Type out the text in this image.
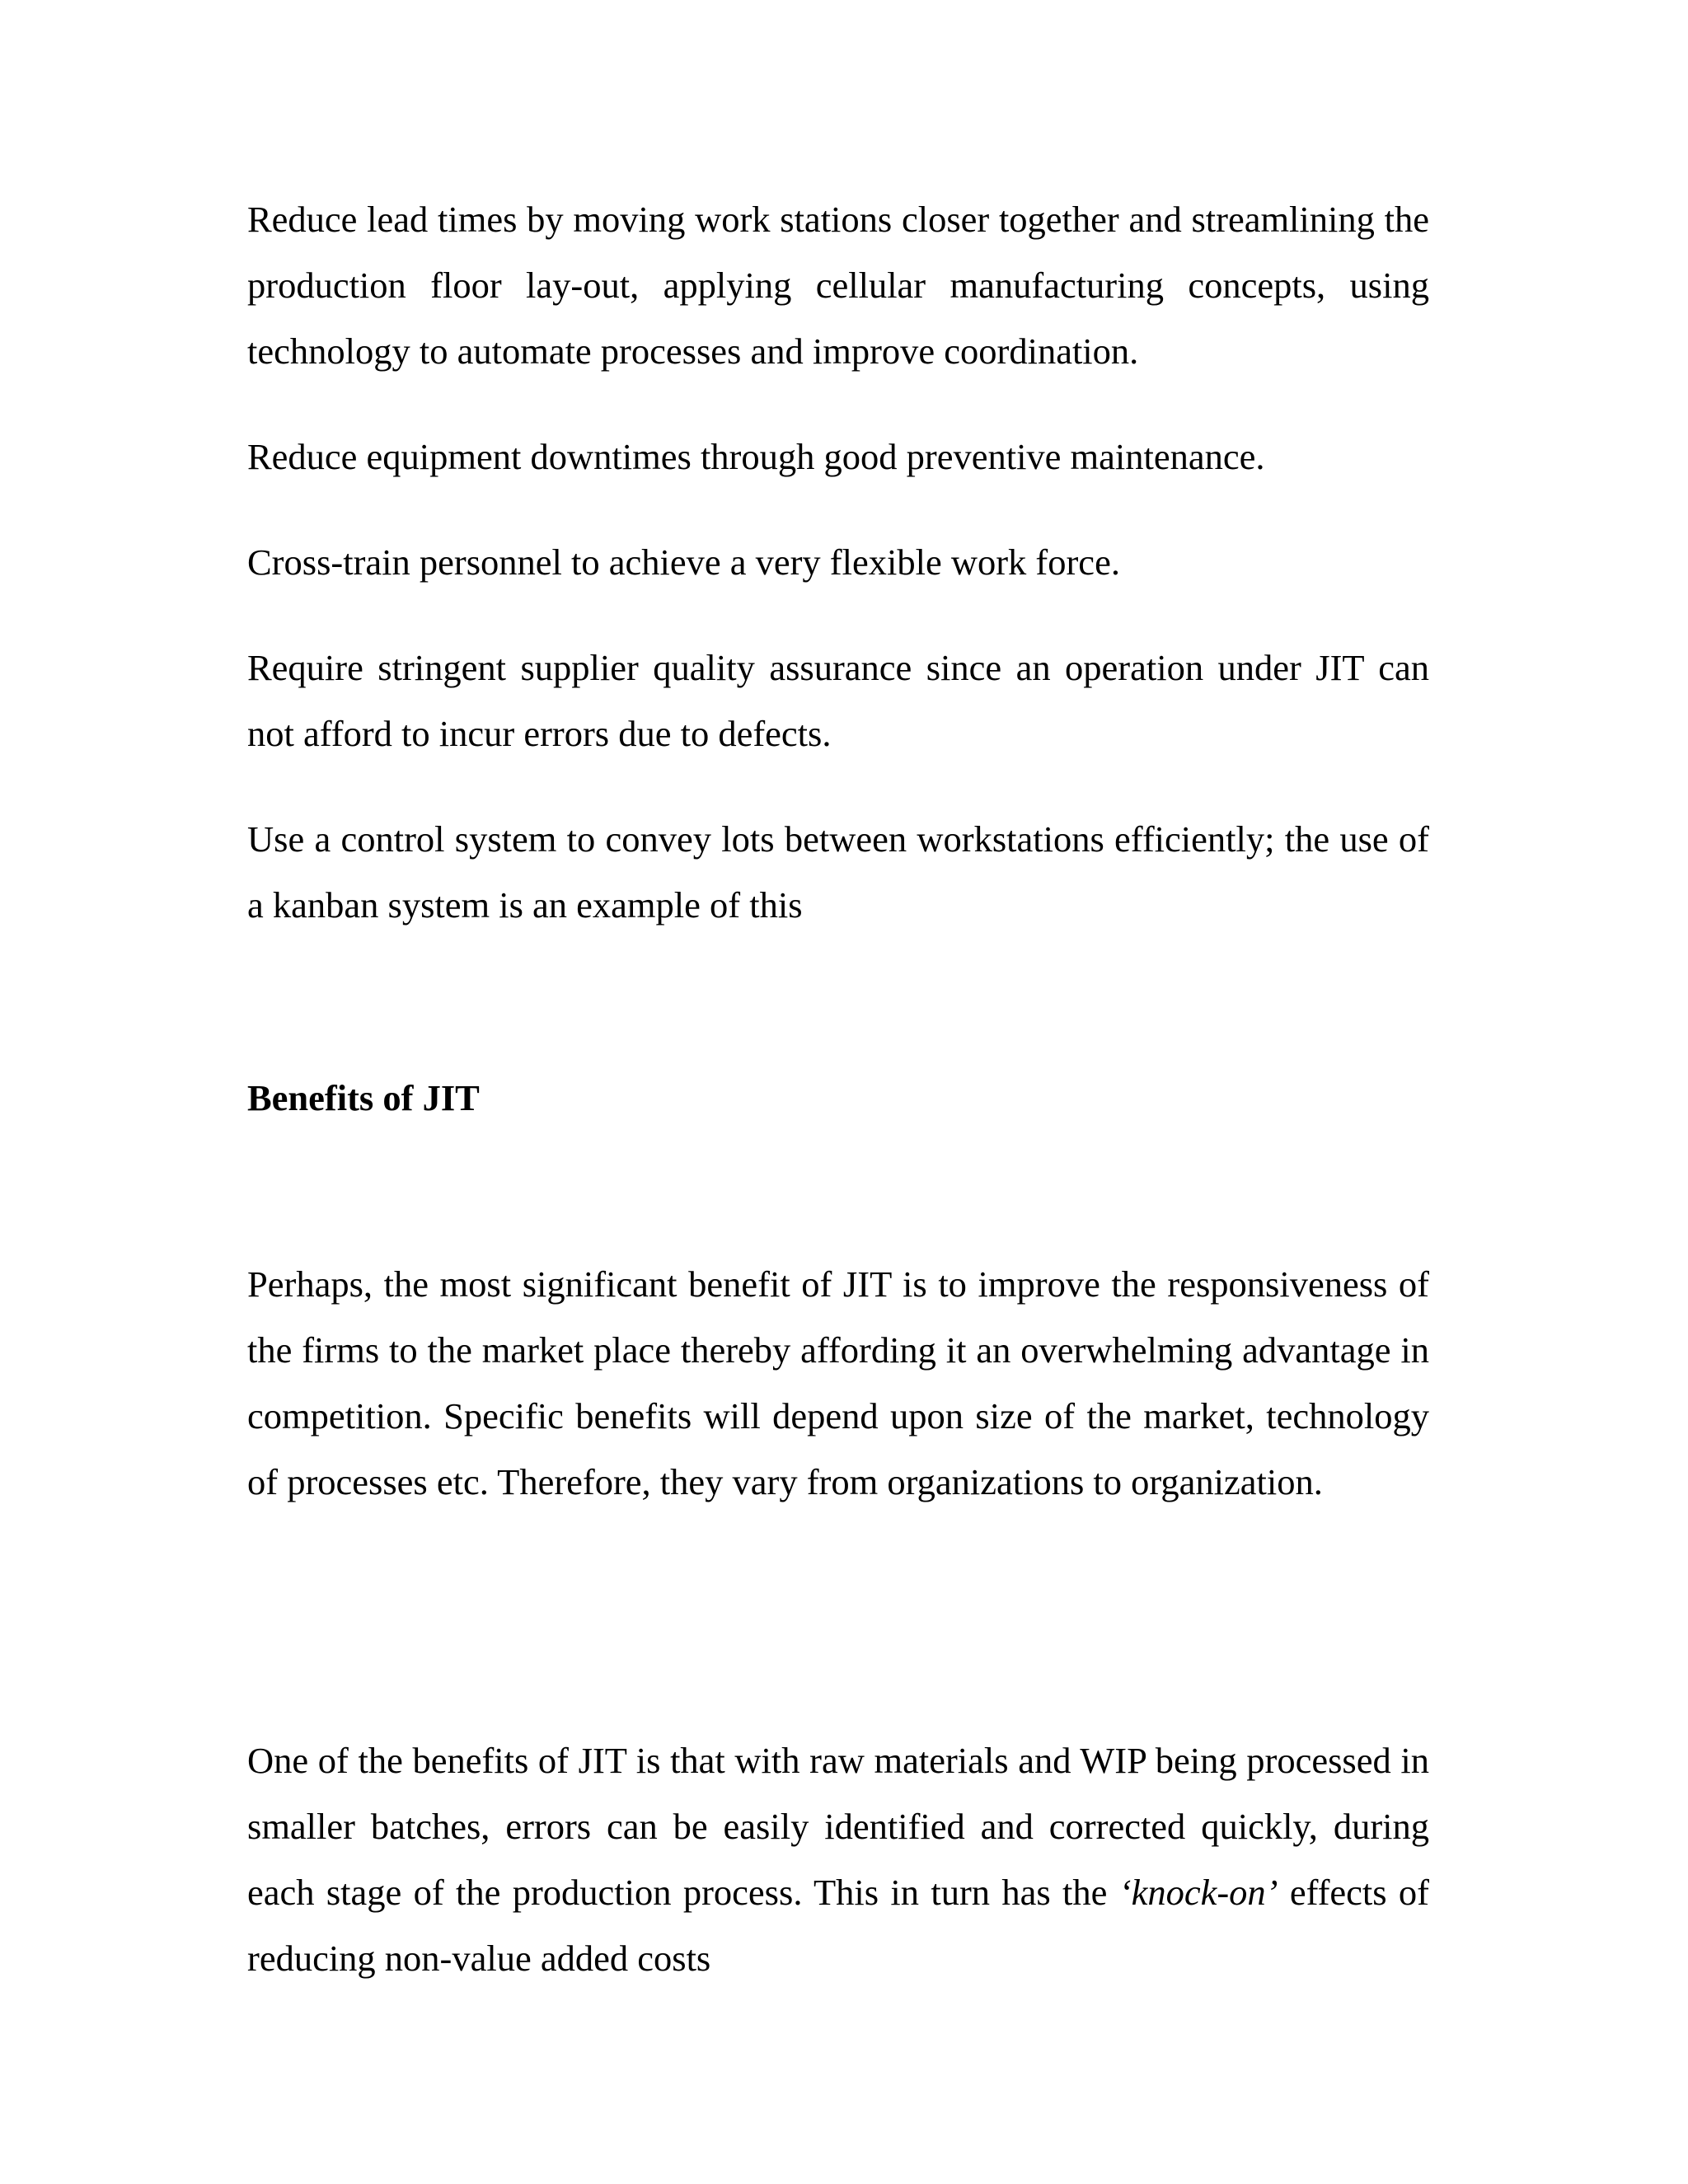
Reduce lead times by moving work stations closer together and streamlining the production floor lay-out, applying cellular manufacturing concepts, using technology to automate processes and improve coordination.

Reduce equipment downtimes through good preventive maintenance.

Cross-train personnel to achieve a very flexible work force.

Require stringent supplier quality assurance since an operation under JIT can not afford to incur errors due to defects.

Use a control system to convey lots between workstations efficiently; the use of a kanban system is an example of this

Benefits of JIT

Perhaps, the most significant benefit of JIT is to improve the responsiveness of the firms to the market place thereby affording it an overwhelming advantage in competition. Specific benefits will depend upon size of the market, technology of processes etc. Therefore, they vary from organizations to organization.

One of the benefits of JIT is that with raw materials and WIP being processed in smaller batches, errors can be easily identified and corrected quickly, during each stage of the production process. This in turn has the ‘knock-on’ effects of reducing non-value added costs
